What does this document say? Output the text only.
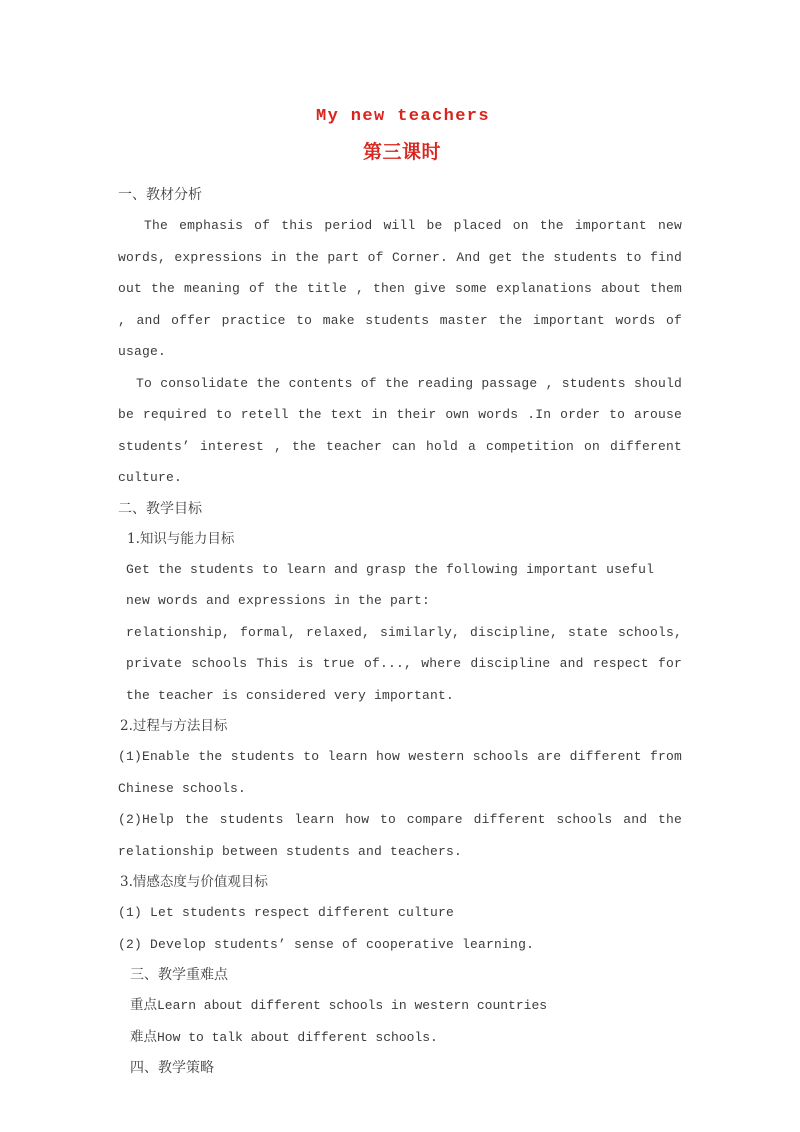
My new teachers
第三课时

一、教材分析

The emphasis of this period will be placed on the important new words, expressions in the part of Corner. And get the students to find out the meaning of the title , then give some explanations about them , and offer practice to make students master the important words of usage.

To consolidate the contents of the reading passage , students should be required to retell the text in their own words .In order to arouse students’ interest , the teacher can hold a competition on different culture.

二、教学目标

1.知识与能力目标

Get the students to learn and grasp the following important useful new words and expressions in the part:

relationship, formal, relaxed, similarly, discipline, state schools, private schools This is true of..., where discipline and respect for the teacher is considered very important.

2.过程与方法目标

(1)Enable the students to learn how western schools are different from Chinese schools.

(2)Help the students learn how to compare different schools and the relationship between students and teachers.

3.情感态度与价值观目标

(1) Let students respect different culture

(2) Develop students’ sense of cooperative learning.

三、教学重难点

重点Learn about different schools in western countries

难点How to talk about different schools.

四、教学策略
